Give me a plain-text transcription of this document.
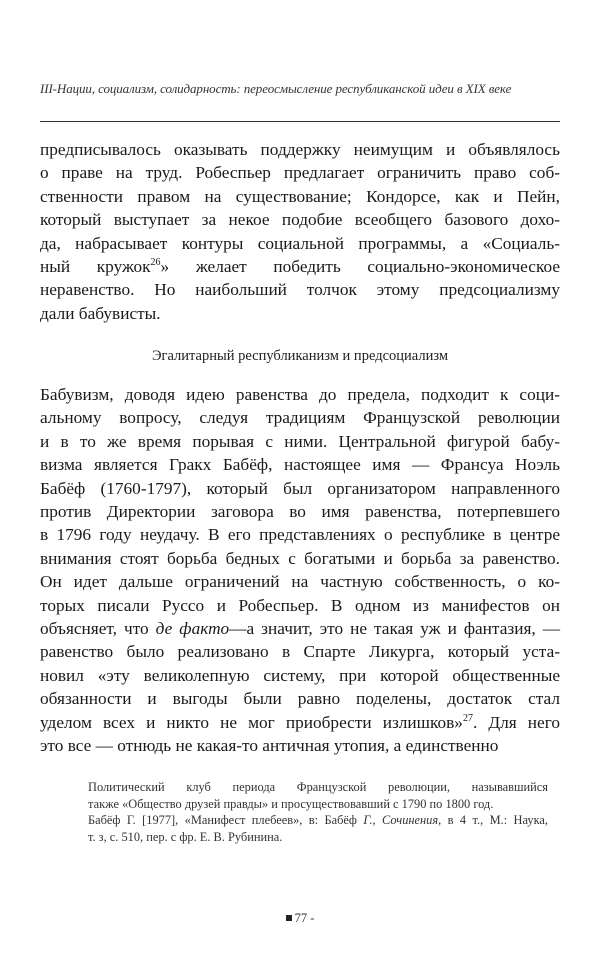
III-Нации, социализм, солидарность: переосмысление республиканской идеи в XIX веке
предписывалось оказывать поддержку неимущим и объявлялось
о праве на труд. Робеспьер предлагает ограничить право соб-
ственности правом на существование; Кондорсе, как и Пейн,
который выступает за некое подобие всеобщего базового дохо-
да, набрасывает контуры социальной программы, а «Социаль-
ный кружок$^{26}$» желает победить социально-экономическое
неравенство. Но наибольший толчок этому предсоциализму
дали бабувисты.
Эгалитарный республиканизм и предсоциализм
Бабувизм, доводя идею равенства до предела, подходит к соци-
альному вопросу, следуя традициям Французской революции
и в то же время порывая с ними. Центральной фигурой бабу-
визма является Гракх Бабёф, настоящее имя — Франсуа Ноэль
Бабёф (1760-1797), который был организатором направленного
против Директории заговора во имя равенства, потерпевшего
в 1796 году неудачу. В его представлениях о республике в центре
внимания стоят борьба бедных с богатыми и борьба за равенство.
Он идет дальше ограничений на частную собственность, о ко-
торых писали Руссо и Робеспьер. В одном из манифестов он
объясняет, что де факто—а значит, это не такая уж и фантазия, —
равенство было реализовано в Спарте Ликурга, который уста-
новил «эту великолепную систему, при которой общественные
обязанности и выгоды были равно поделены, достаток стал
уделом всех и никто не мог приобрести излишков»$^{27}$. Для него
это все — отнюдь не какая-то античная утопия, а единственно
Политический клуб периода Французской революции, называвшийся
также «Общество друзей правды» и просуществовавший с 1790 по 1800 год.
Бабёф Г. [1977], «Манифест плебеев», в: Бабёф Г., Сочинения, в 4 т., М.: Наука,
т. з, с. 510, пер. с фр. Е. В. Рубинина.
77 -
